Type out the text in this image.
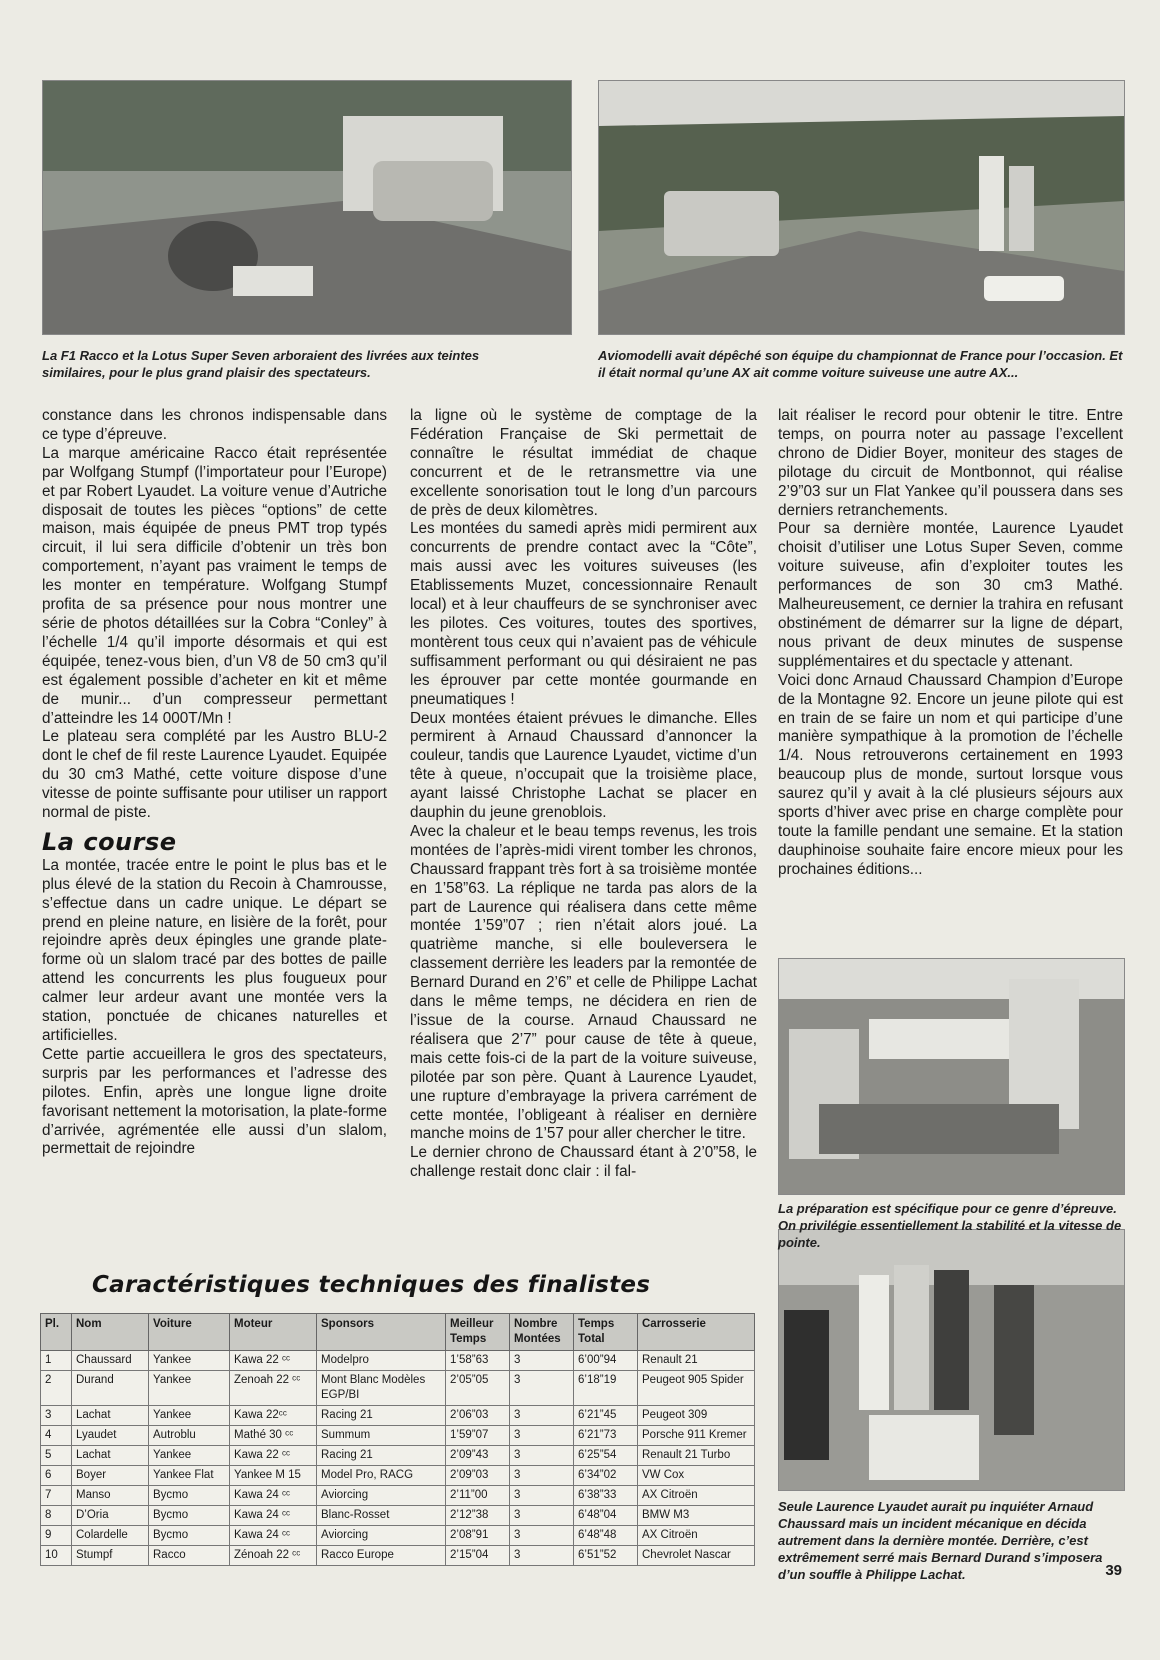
La F1 Racco et la Lotus Super Seven arboraient des livrées aux teintes similaires, pour le plus grand plaisir des spectateurs.
Aviomodelli avait dépêché son équipe du championnat de France pour l’occasion. Et il était normal qu’une AX ait comme voiture suiveuse une autre AX...
La préparation est spécifique pour ce genre d’épreuve. On privilégie essentiellement la stabilité et la vitesse de pointe.
Seule Laurence Lyaudet aurait pu inquiéter Arnaud Chaussard mais un incident mécanique en décida autrement dans la dernière montée. Derrière, c’est extrêmement serré mais Bernard Durand s’imposera d’un souffle à Philippe Lachat.

constance dans les chronos indispensable dans ce type d’épreuve.

La marque américaine Racco était représentée par Wolfgang Stumpf (l’importateur pour l’Europe) et par Robert Lyaudet. La voiture venue d’Autriche disposait de toutes les pièces “options” de cette maison, mais équipée de pneus PMT trop typés circuit, il lui sera difficile d’obtenir un très bon comportement, n’ayant pas vraiment le temps de les monter en température. Wolfgang Stumpf profita de sa présence pour nous montrer une série de photos détaillées sur la Cobra “Conley” à l’échelle 1/4 qu’il importe désormais et qui est équipée, tenez-vous bien, d’un V8 de 50 cm3 qu’il est également possible d’acheter en kit et même de munir... d’un compresseur permettant d’atteindre les 14 000T/Mn !

Le plateau sera complété par les Austro BLU-2 dont le chef de fil reste Laurence Lyaudet. Equipée du 30 cm3 Mathé, cette voiture dispose d’une vitesse de pointe suffisante pour utiliser un rapport normal de piste.

La course

La montée, tracée entre le point le plus bas et le plus élevé de la station du Recoin à Chamrousse, s’effectue dans un cadre unique. Le départ se prend en pleine nature, en lisière de la forêt, pour rejoindre après deux épingles une grande plate-forme où un slalom tracé par des bottes de paille attend les concurrents les plus fougueux pour calmer leur ardeur avant une montée vers la station, ponctuée de chicanes naturelles et artificielles.

Cette partie accueillera le gros des spectateurs, surpris par les performances et l’adresse des pilotes. Enfin, après une longue ligne droite favorisant nettement la motorisation, la plate-forme d’arrivée, agrémentée elle aussi d’un slalom, permettait de rejoindre

la ligne où le système de comptage de la Fédération Française de Ski permettait de connaître le résultat immédiat de chaque concurrent et de le retransmettre via une excellente sonorisation tout le long d’un parcours de près de deux kilomètres.

Les montées du samedi après midi permirent aux concurrents de prendre contact avec la “Côte”, mais aussi avec les voitures suiveuses (les Etablissements Muzet, concessionnaire Renault local) et à leur chauffeurs de se synchroniser avec les pilotes. Ces voitures, toutes des sportives, montèrent tous ceux qui n’avaient pas de véhicule suffisamment performant ou qui désiraient ne pas les éprouver par cette montée gourmande en pneumatiques !

Deux montées étaient prévues le dimanche. Elles permirent à Arnaud Chaussard d’annoncer la couleur, tandis que Laurence Lyaudet, victime d’un tête à queue, n’occupait que la troisième place, ayant laissé Christophe Lachat se placer en dauphin du jeune grenoblois.

Avec la chaleur et le beau temps revenus, les trois montées de l’après-midi virent tomber les chronos, Chaussard frappant très fort à sa troisième montée en 1’58”63. La réplique ne tarda pas alors de la part de Laurence qui réalisera dans cette même montée 1’59”07 ; rien n’était alors joué. La quatrième manche, si elle bouleversera le classement derrière les leaders par la remontée de Bernard Durand en 2’6” et celle de Philippe Lachat dans le même temps, ne décidera en rien de l’issue de la course. Arnaud Chaussard ne réalisera que 2’7” pour cause de tête à queue, mais cette fois-ci de la part de la voiture suiveuse, pilotée par son père. Quant à Laurence Lyaudet, une rupture d’embrayage la privera carrément de cette montée, l’obligeant à réaliser en dernière manche moins de 1’57 pour aller chercher le titre.

Le dernier chrono de Chaussard étant à 2’0”58, le challenge restait donc clair : il fal-

lait réaliser le record pour obtenir le titre. Entre temps, on pourra noter au passage l’excellent chrono de Didier Boyer, moniteur des stages de pilotage du circuit de Montbonnot, qui réalise 2’9”03 sur un Flat Yankee qu’il poussera dans ses derniers retranchements.

Pour sa dernière montée, Laurence Lyaudet choisit d’utiliser une Lotus Super Seven, comme voiture suiveuse, afin d’exploiter toutes les performances de son 30 cm3 Mathé. Malheureusement, ce dernier la trahira en refusant obstinément de démarrer sur la ligne de départ, nous privant de deux minutes de suspense supplémentaires et du spectacle y attenant.

Voici donc Arnaud Chaussard Champion d’Europe de la Montagne 92. Encore un jeune pilote qui est en train de se faire un nom et qui participe d’une manière sympathique à la promotion de l’échelle 1/4. Nous retrouverons certainement en 1993 beaucoup plus de monde, surtout lorsque vous saurez qu’il y avait à la clé plusieurs séjours aux sports d’hiver avec prise en charge complète pour toute la famille pendant une semaine. Et la station dauphinoise souhaite faire encore mieux pour les prochaines éditions...

Caractéristiques techniques des finalistes
Pl.	Nom	Voiture	Moteur	Sponsors	Meilleur Temps	Nombre Montées	Temps Total	Carrosserie
1	Chaussard	Yankee	Kawa 22 ᶜᶜ	Modelpro	1’58”63	3	6’00”94	Renault 21
2	Durand	Yankee	Zenoah 22 ᶜᶜ	Mont Blanc Modèles EGP/BI	2’05”05	3	6’18”19	Peugeot 905 Spider
3	Lachat	Yankee	Kawa 22ᶜᶜ	Racing 21	2’06”03	3	6’21”45	Peugeot 309
4	Lyaudet	Autroblu	Mathé 30 ᶜᶜ	Summum	1’59”07	3	6’21”73	Porsche 911 Kremer
5	Lachat	Yankee	Kawa 22 ᶜᶜ	Racing 21	2’09”43	3	6’25”54	Renault 21 Turbo
6	Boyer	Yankee Flat	Yankee M 15	Model Pro, RACG	2’09”03	3	6’34”02	VW Cox
7	Manso	Bycmo	Kawa 24 ᶜᶜ	Aviorcing	2’11”00	3	6’38”33	AX Citroën
8	D’Oria	Bycmo	Kawa 24 ᶜᶜ	Blanc-Rosset	2’12”38	3	6’48”04	BMW M3
9	Colardelle	Bycmo	Kawa 24 ᶜᶜ	Aviorcing	2’08”91	3	6’48”48	AX Citroën
10	Stumpf	Racco	Zénoah 22 ᶜᶜ	Racco Europe	2’15”04	3	6’51”52	Chevrolet Nascar
39
